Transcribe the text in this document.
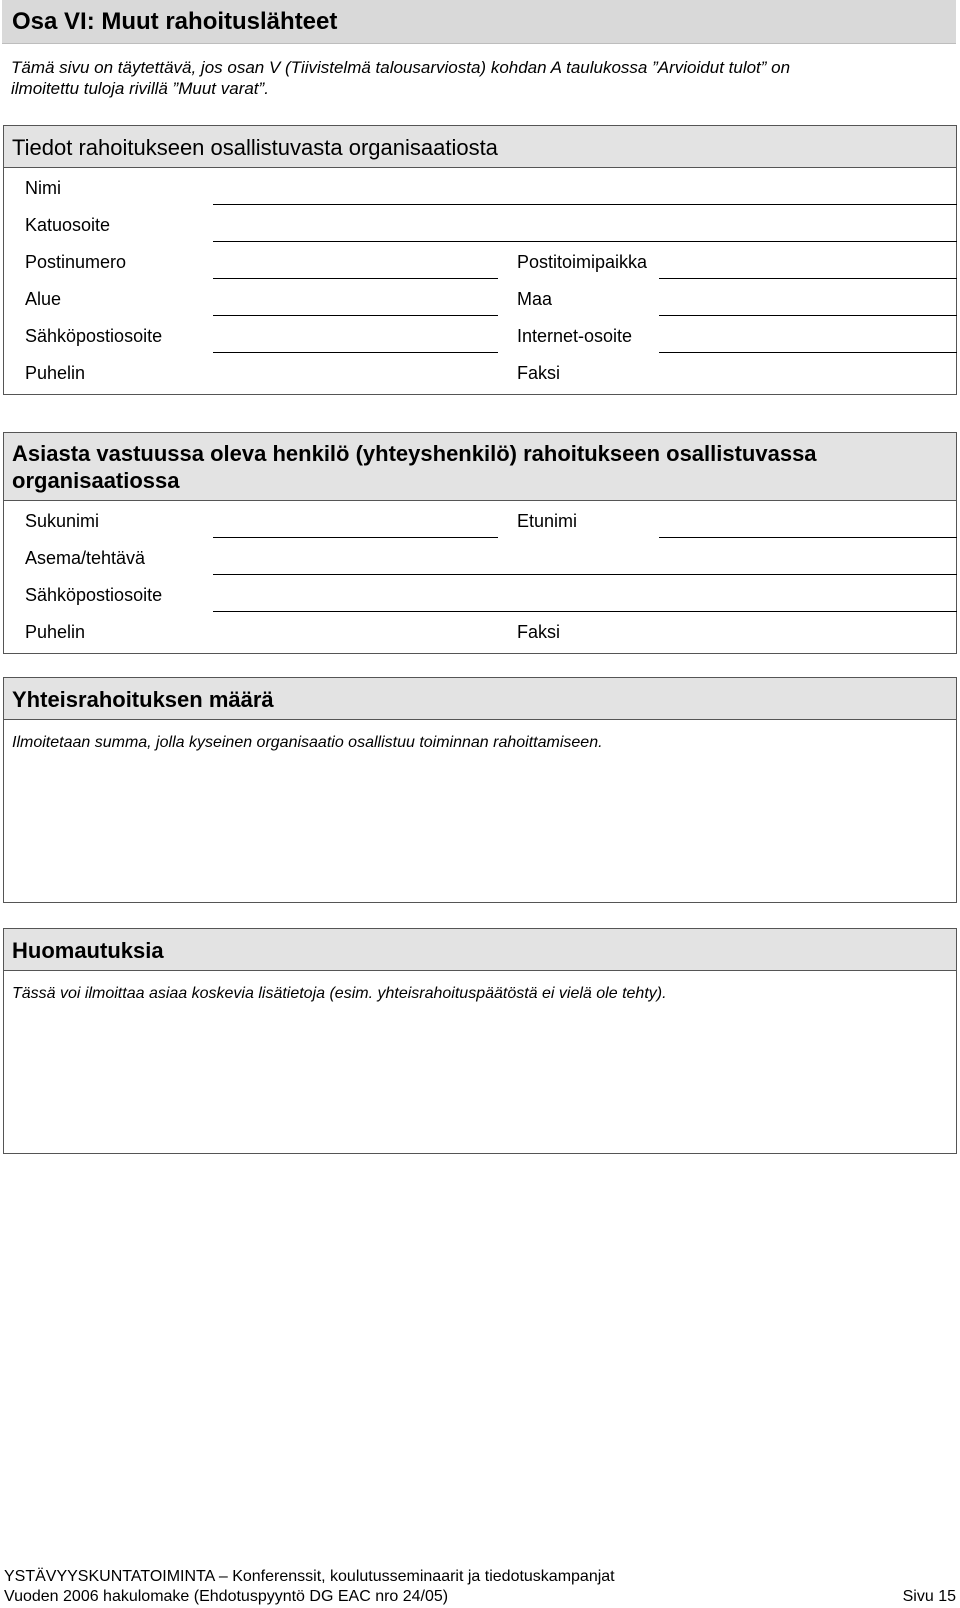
Osa VI: Muut rahoituslähteet
Tämä sivu on täytettävä, jos osan V (Tiivistelmä talousarviosta) kohdan A taulukossa ”Arvioidut tulot” on
ilmoitettu tuloja rivillä ”Muut varat”.
Tiedot rahoitukseen osallistuvasta organisaatiosta
Nimi
Katuosoite
Postinumero	Postitoimipaikka
Alue	Maa
Sähköpostiosoite	Internet-osoite
Puhelin	Faksi
Asiasta vastuussa oleva henkilö (yhteyshenkilö) rahoitukseen osallistuvassa
organisaatiossa
Sukunimi	Etunimi
Asema/tehtävä
Sähköpostiosoite
Puhelin	Faksi
Yhteisrahoituksen määrä
Ilmoitetaan summa, jolla kyseinen organisaatio osallistuu toiminnan rahoittamiseen.
Huomautuksia
Tässä voi ilmoittaa asiaa koskevia lisätietoja (esim. yhteisrahoituspäätöstä ei vielä ole tehty).
YSTÄVYYSKUNTATOIMINTA – Konferenssit, koulutusseminaarit ja tiedotuskampanjat
Vuoden 2006 hakulomake (Ehdotuspyyntö DG EAC nro 24/05)	Sivu 15
